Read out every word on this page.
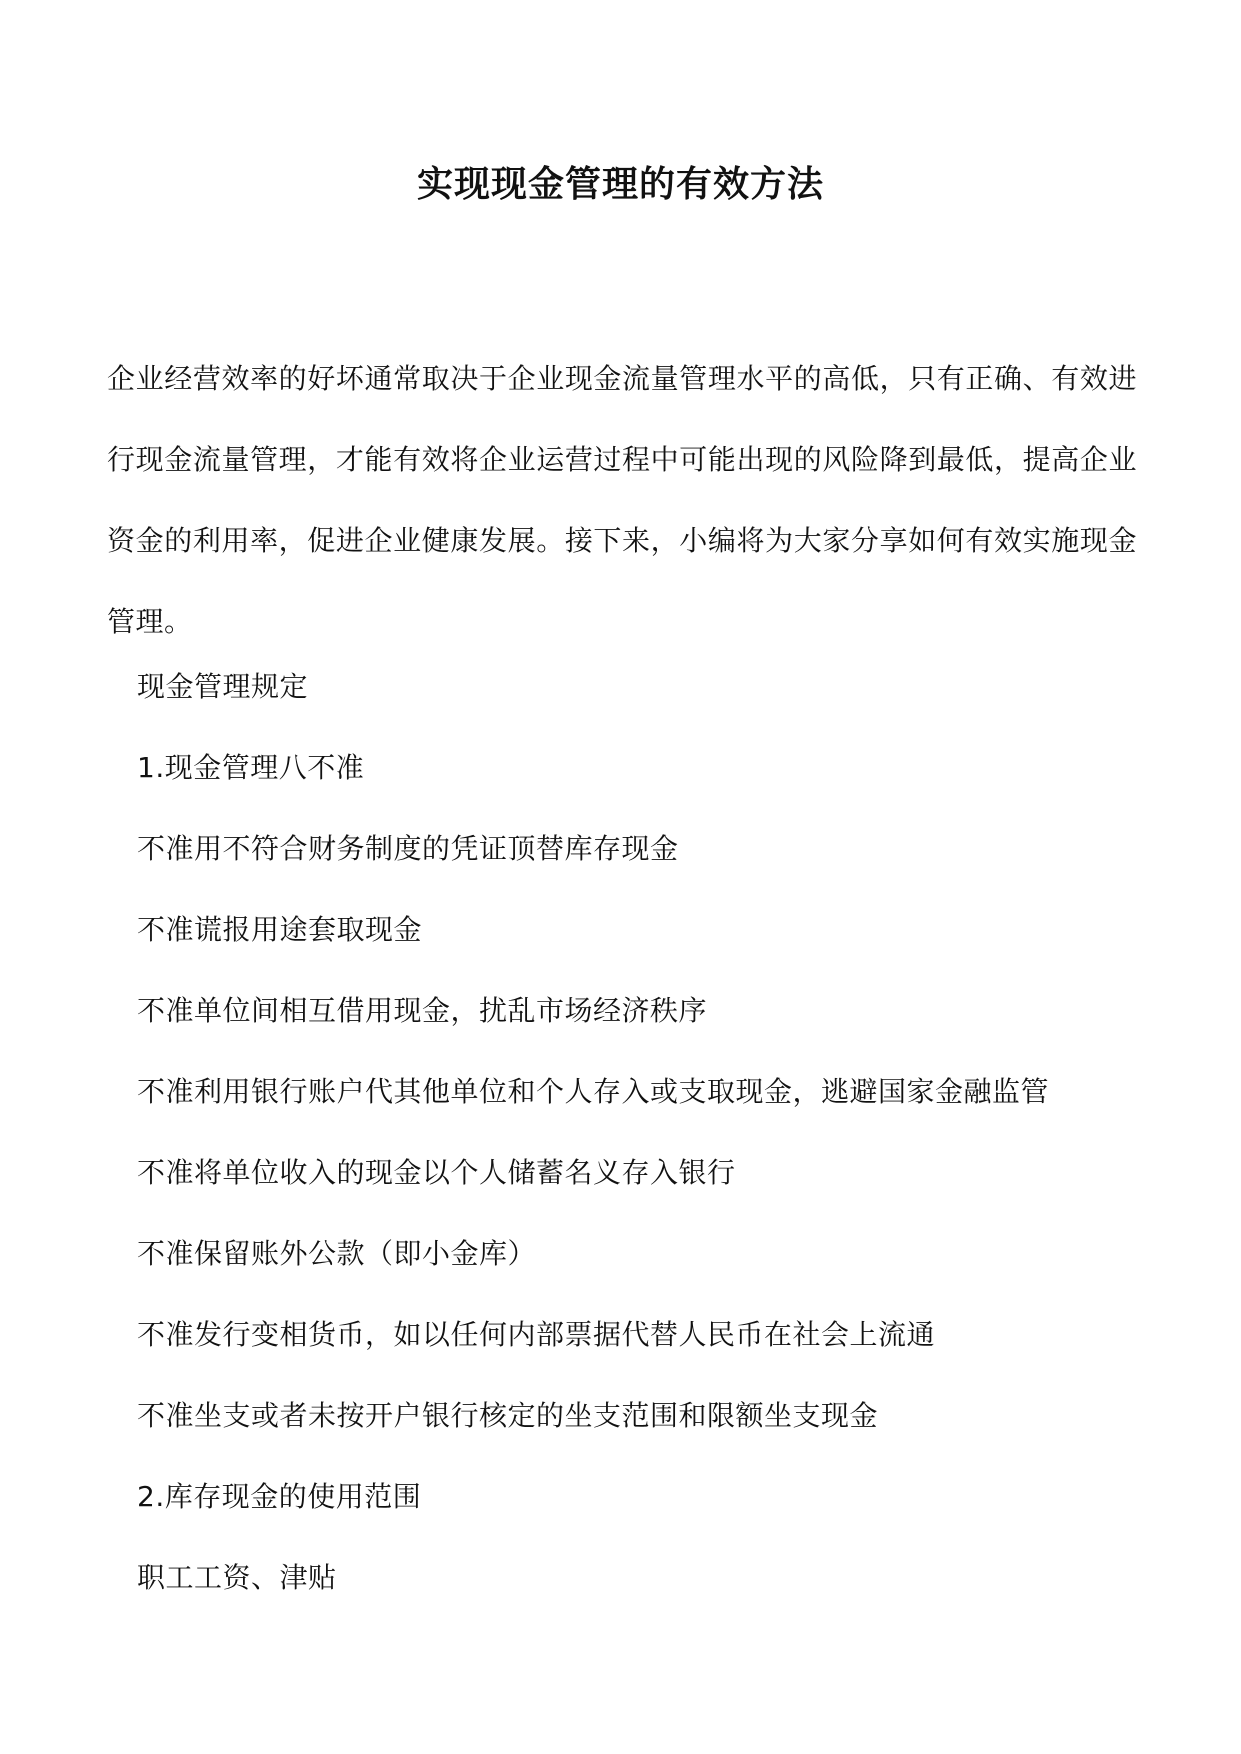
实现现金管理的有效方法

企业经营效率的好坏通常取决于企业现金流量管理水平的高低，只有正确、有效进行现金流量管理，才能有效将企业运营过程中可能出现的风险降到最低，提高企业资金的利用率，促进企业健康发展。接下来，小编将为大家分享如何有效实施现金管理。

现金管理规定

1.现金管理八不准

不准用不符合财务制度的凭证顶替库存现金

不准谎报用途套取现金

不准单位间相互借用现金，扰乱市场经济秩序

不准利用银行账户代其他单位和个人存入或支取现金，逃避国家金融监管

不准将单位收入的现金以个人储蓄名义存入银行

不准保留账外公款（即小金库）

不准发行变相货币，如以任何内部票据代替人民币在社会上流通

不准坐支或者未按开户银行核定的坐支范围和限额坐支现金

2.库存现金的使用范围

职工工资、津贴
